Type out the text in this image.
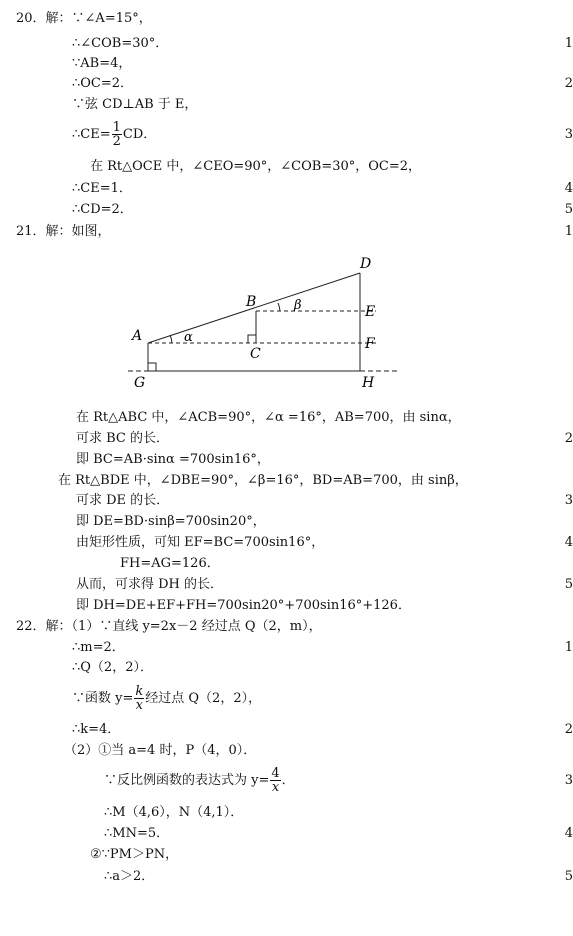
20．解：∵∠A=15°，
∴∠COB=30°．	1
∵AB=4，
∴OC=2．	2
∵弦 CD⊥AB 于 E，
∴CE= $\frac{1}{2}$ CD．	3
在 Rt△OCE 中，∠CEO=90°，∠COB=30°，OC=2，
∴CE=1．	4
∴CD=2．	5
21．解：如图，	1
A
B
C
D
E
F
G	H
α
β
在 Rt△ABC 中，∠ACB=90°，∠α =16°，AB=700，由 sinα，
可求 BC 的长．	2
即 BC=AB·sinα =700sin16°，
在 Rt△BDE 中，∠DBE=90°，∠β=16°，BD=AB=700，由 sinβ，
可求 DE 的长．	3
即 DE=BD·sinβ=700sin20°，
由矩形性质，可知 EF=BC=700sin16°，	4
FH=AG=126．
从而，可求得 DH 的长．	5
即 DH=DE+EF+FH=700sin20°+700sin16°+126．
22．解：（1）∵直线 y=2x－2 经过点 Q（2，m），
∴m=2．	1
∴Q（2，2）．
∵函数 $y= \frac{k}{x}$ 经过点 Q（2，2），
∴k=4．	2
（2）①当 a=4 时，P（4，0）．
∵反比例函数的表达式为 $y= \frac{4}{x}$ ．	3
∴M（4,6），N（4,1）．
∴MN=5．	4
②∵PM＞PN，
∴a＞2．	5
